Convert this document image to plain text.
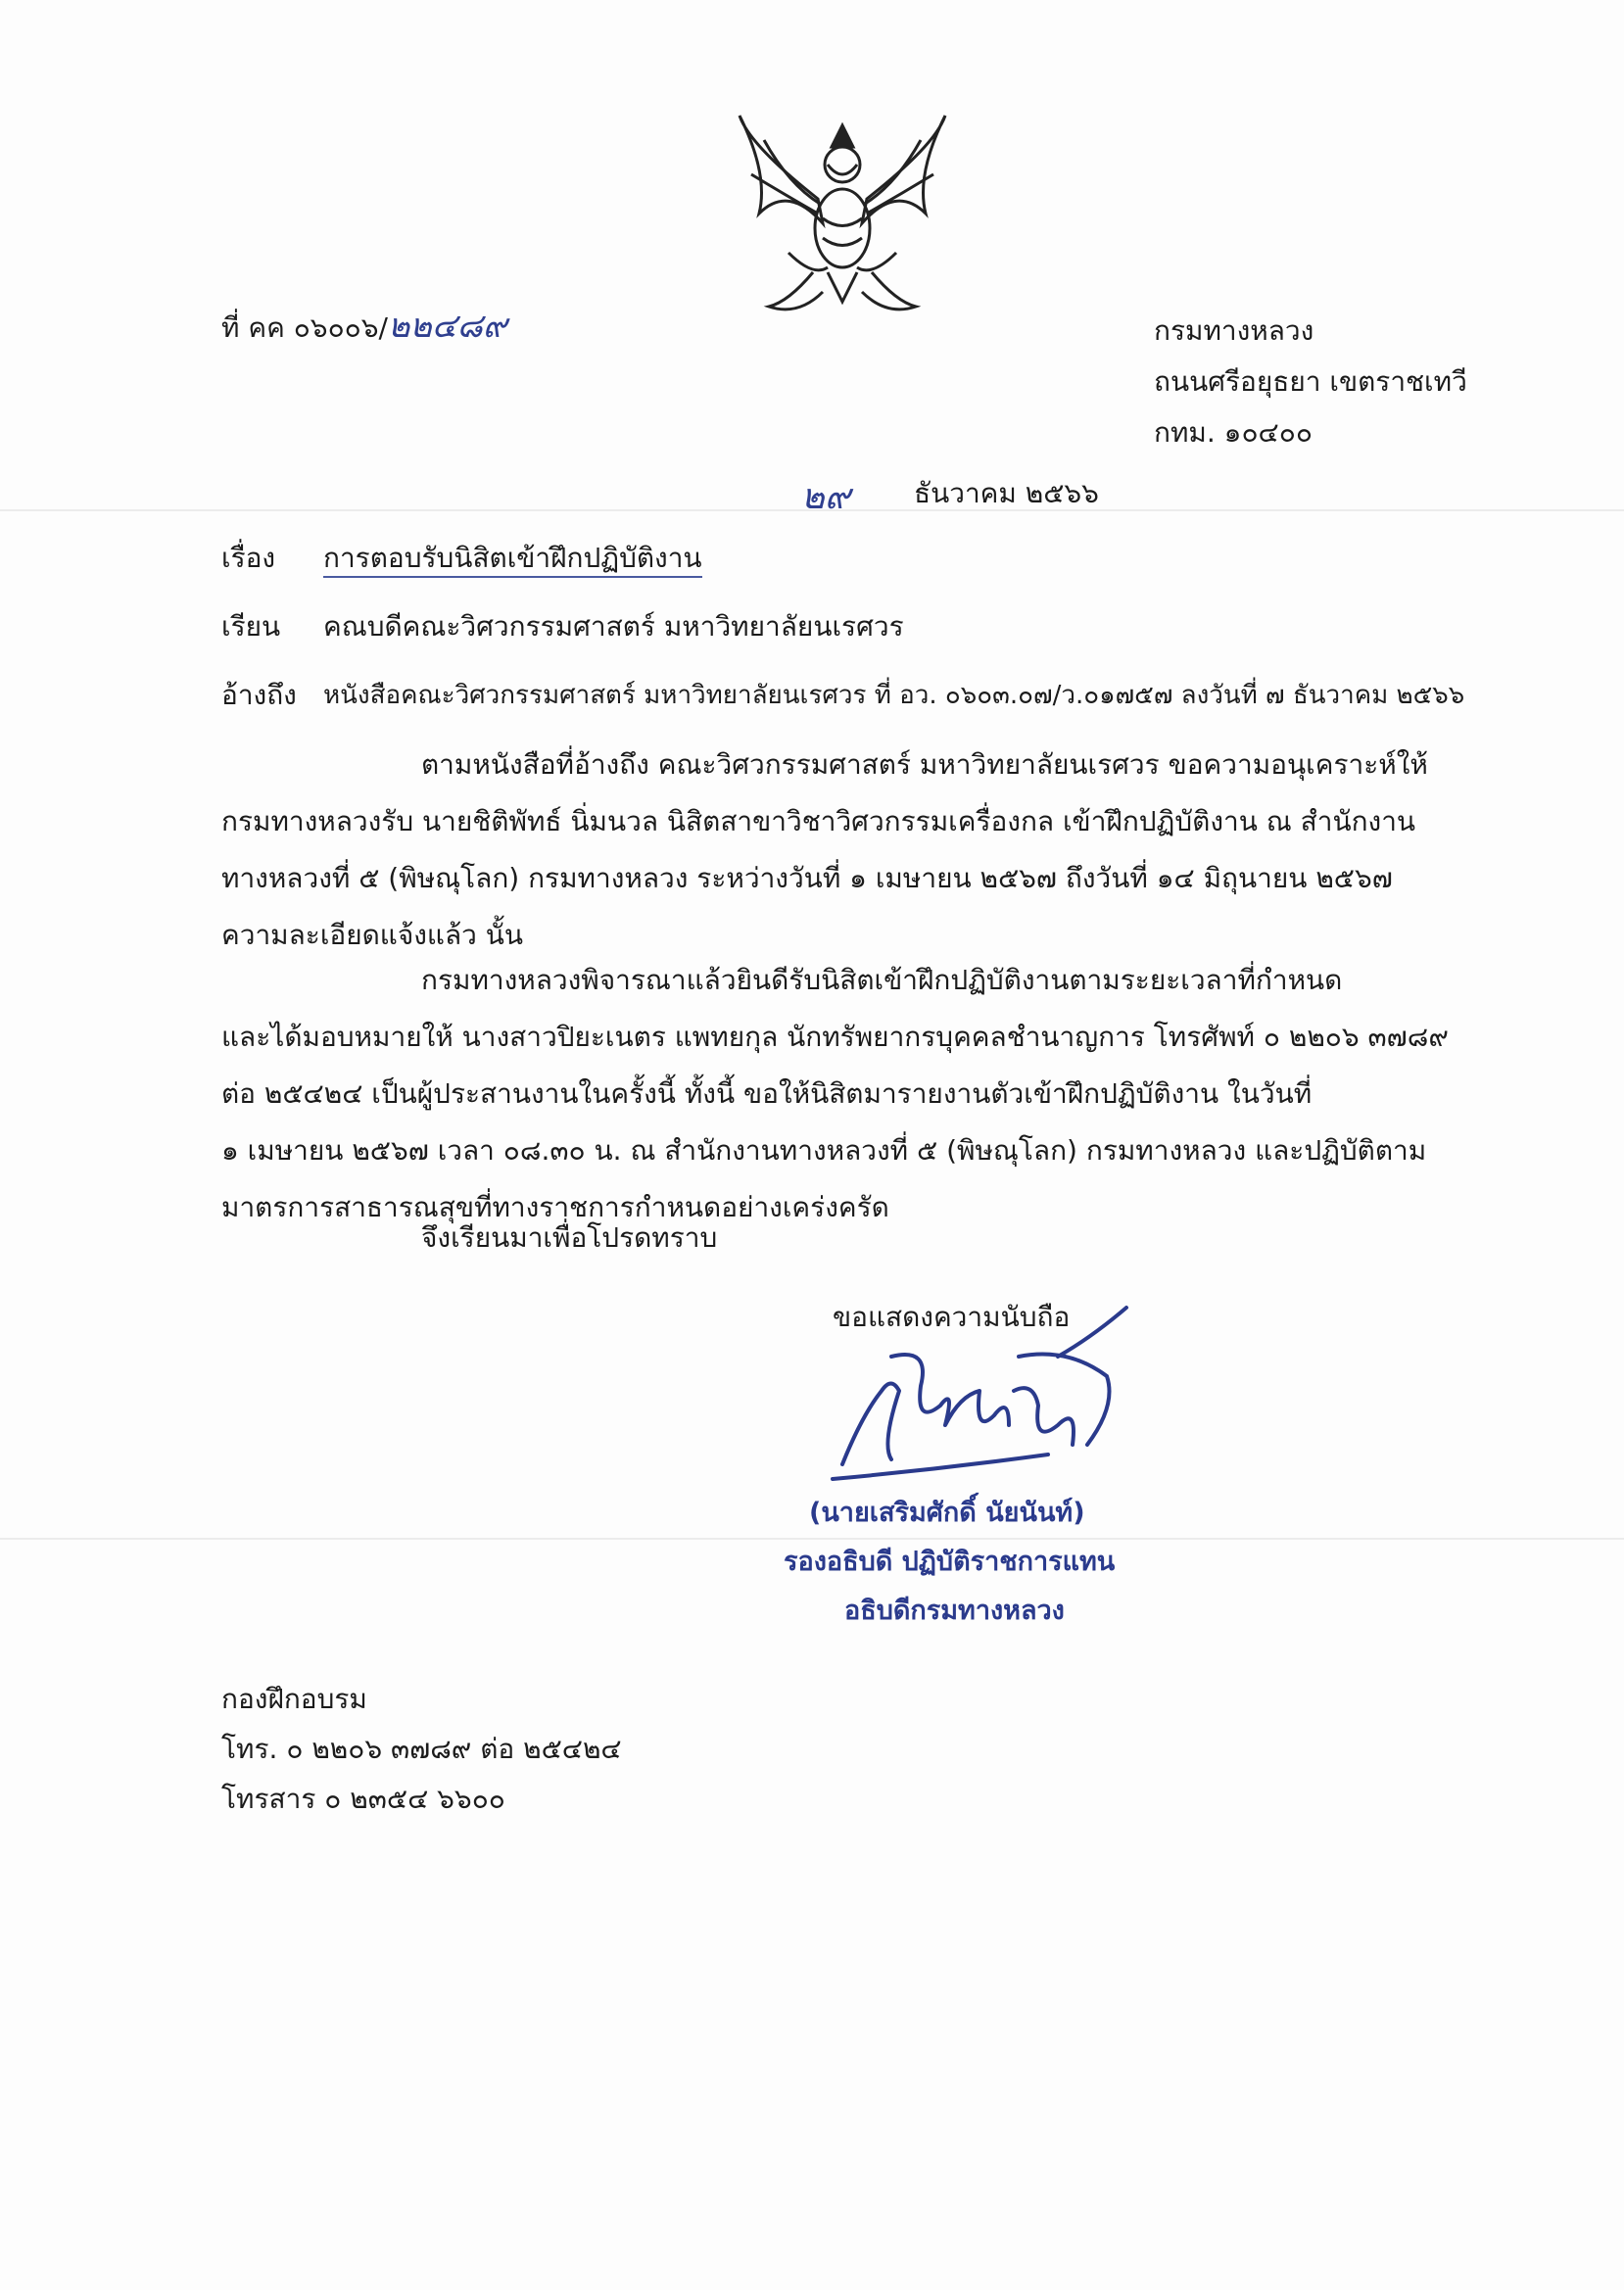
ที่ คค ๐๖๐๐๖/๒๒๔๘๙	กรมทางหลวง
ถนนศรีอยุธยา เขตราชเทวี
กทม. ๑๐๔๐๐
๒๙ ธันวาคม ๒๕๖๖
เรื่อง การตอบรับนิสิตเข้าฝึกปฏิบัติงาน
เรียน คณบดีคณะวิศวกรรมศาสตร์ มหาวิทยาลัยนเรศวร
อ้างถึง หนังสือคณะวิศวกรรมศาสตร์ มหาวิทยาลัยนเรศวร ที่ อว. ๐๖๐๓.๐๗/ว.๐๑๗๕๗ ลงวันที่ ๗ ธันวาคม ๒๕๖๖
ตามหนังสือที่อ้างถึง คณะวิศวกรรมศาสตร์ มหาวิทยาลัยนเรศวร ขอความอนุเคราะห์ให้
กรมทางหลวงรับ นายชิติพัทธ์ นิ่มนวล นิสิตสาขาวิชาวิศวกรรมเครื่องกล เข้าฝึกปฏิบัติงาน ณ สำนักงาน
ทางหลวงที่ ๕ (พิษณุโลก) กรมทางหลวง ระหว่างวันที่ ๑ เมษายน ๒๕๖๗ ถึงวันที่ ๑๔ มิถุนายน ๒๕๖๗
ความละเอียดแจ้งแล้ว นั้น
กรมทางหลวงพิจารณาแล้วยินดีรับนิสิตเข้าฝึกปฏิบัติงานตามระยะเวลาที่กำหนด
และได้มอบหมายให้ นางสาวปิยะเนตร แพทยกุล นักทรัพยากรบุคคลชำนาญการ โทรศัพท์ ๐ ๒๒๐๖ ๓๗๘๙
ต่อ ๒๕๔๒๔ เป็นผู้ประสานงานในครั้งนี้ ทั้งนี้ ขอให้นิสิตมารายงานตัวเข้าฝึกปฏิบัติงาน ในวันที่
๑ เมษายน ๒๕๖๗ เวลา ๐๘.๓๐ น. ณ สำนักงานทางหลวงที่ ๕ (พิษณุโลก) กรมทางหลวง และปฏิบัติตาม
มาตรการสาธารณสุขที่ทางราชการกำหนดอย่างเคร่งครัด
จึงเรียนมาเพื่อโปรดทราบ
ขอแสดงความนับถือ
(นายเสริมศักดิ์ นัยนันท์)
รองอธิบดี ปฏิบัติราชการแทน
อธิบดีกรมทางหลวง
กองฝึกอบรม
โทร. ๐ ๒๒๐๖ ๓๗๘๙ ต่อ ๒๕๔๒๔
โทรสาร ๐ ๒๓๕๔ ๖๖๐๐
